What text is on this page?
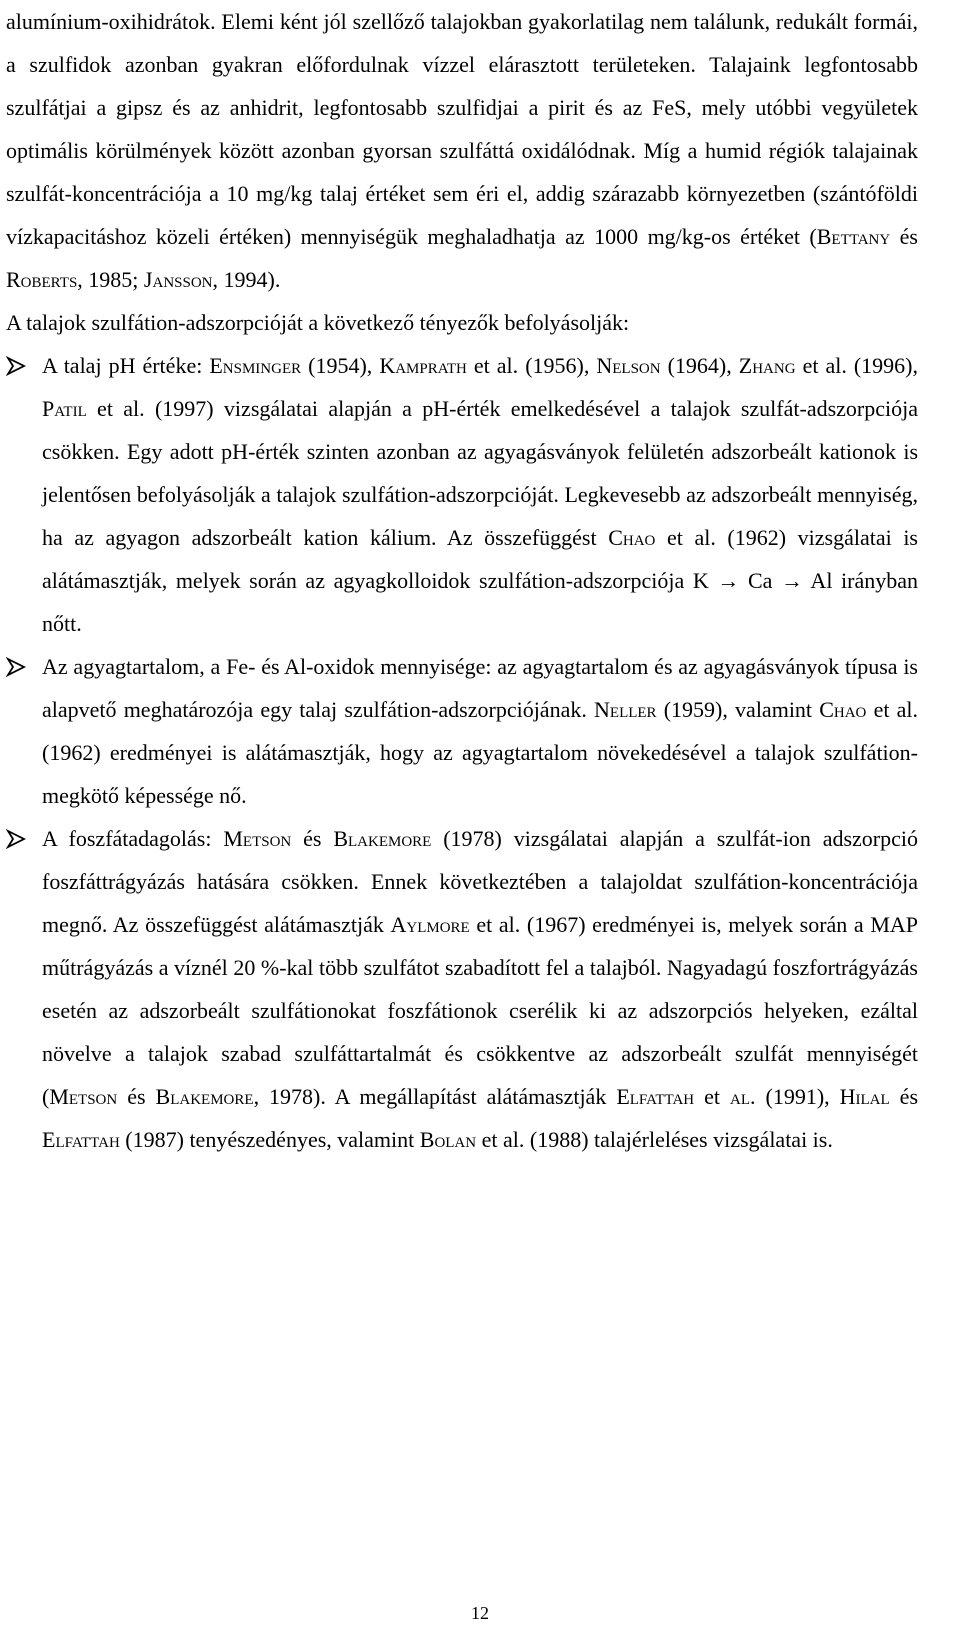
alumínium-oxihidrátok. Elemi ként jól szellőző talajokban gyakorlatilag nem találunk, redukált formái, a szulfidok azonban gyakran előfordulnak vízzel elárasztott területeken. Talajaink legfontosabb szulfátjai a gipsz és az anhidrit, legfontosabb szulfidjai a pirit és az FeS, mely utóbbi vegyületek optimális körülmények között azonban gyorsan szulfáttá oxidálódnak. Míg a humid régiók talajainak szulfát-koncentrációja a 10 mg/kg talaj értéket sem éri el, addig szárazabb környezetben (szántóföldi vízkapacitáshoz közeli értéken) mennyiségük meghaladhatja az 1000 mg/kg-os értéket (Bettany és Roberts, 1985; Jansson, 1994).

A talajok szulfátion-adszorpcióját a következő tényezők befolyásolják:

A talaj pH értéke: Ensminger (1954), Kamprath et al. (1956), Nelson (1964), Zhang et al. (1996), Patil et al. (1997) vizsgálatai alapján a pH-érték emelkedésével a talajok szulfát-adszorpciója csökken. Egy adott pH-érték szinten azonban az agyagásványok felületén adszorbeált kationok is jelentősen befolyásolják a talajok szulfátion-adszorpcióját. Legkevesebb az adszorbeált mennyiség, ha az agyagon adszorbeált kation kálium. Az összefüggést Chao et al. (1962) vizsgálatai is alátámasztják, melyek során az agyagkolloidok szulfátion-adszorpciója K → Ca → Al irányban nőtt.
Az agyagtartalom, a Fe- és Al-oxidok mennyisége: az agyagtartalom és az agyagásványok típusa is alapvető meghatározója egy talaj szulfátion-adszorpciójának. Neller (1959), valamint Chao et al. (1962) eredményei is alátámasztják, hogy az agyagtartalom növekedésével a talajok szulfátion-megkötő képessége nő.
A foszfátadagolás: Metson és Blakemore (1978) vizsgálatai alapján a szulfát-ion adszorpció foszfáttrágyázás hatására csökken. Ennek következtében a talajoldat szulfátion-koncentrációja megnő. Az összefüggést alátámasztják Aylmore et al. (1967) eredményei is, melyek során a MAP műtrágyázás a víznél 20 %-kal több szulfátot szabadított fel a talajból. Nagyadagú foszfortrágyázás esetén az adszorbeált szulfátionokat foszfátionok cserélik ki az adszorpciós helyeken, ezáltal növelve a talajok szabad szulfáttartalmát és csökkentve az adszorbeált szulfát mennyiségét (Metson és Blakemore, 1978). A megállapítást alátámasztják Elfattah et al. (1991), Hilal és Elfattah (1987) tenyészedényes, valamint Bolan et al. (1988) talajérleléses vizsgálatai is.
12
